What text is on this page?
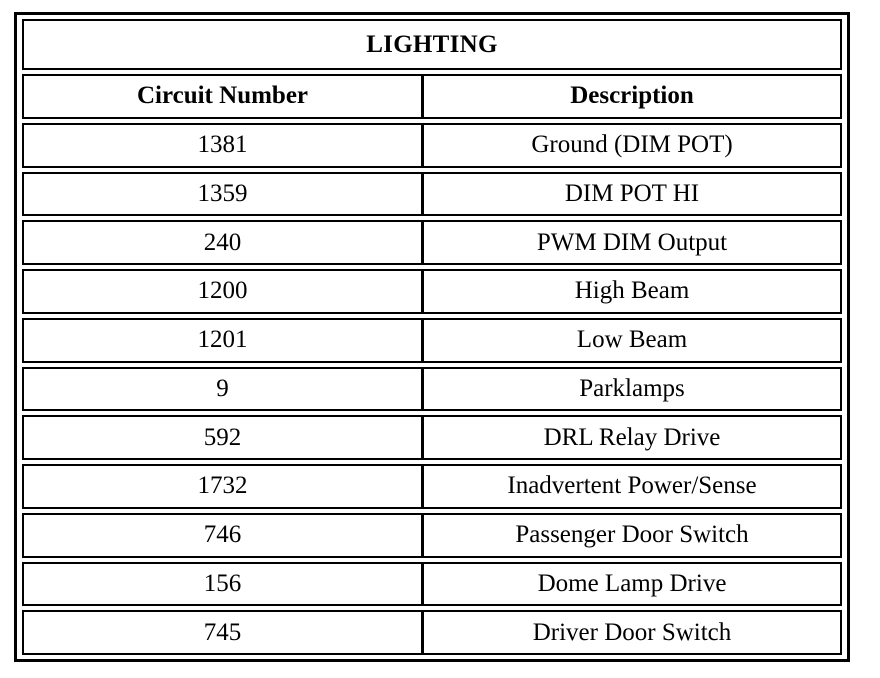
LIGHTING
Circuit Number	Description
1381	Ground (DIM POT)
1359	DIM POT HI
240	PWM DIM Output
1200	High Beam
1201	Low Beam
9	Parklamps
592	DRL Relay Drive
1732	Inadvertent Power/Sense
746	Passenger Door Switch
156	Dome Lamp Drive
745	Driver Door Switch
